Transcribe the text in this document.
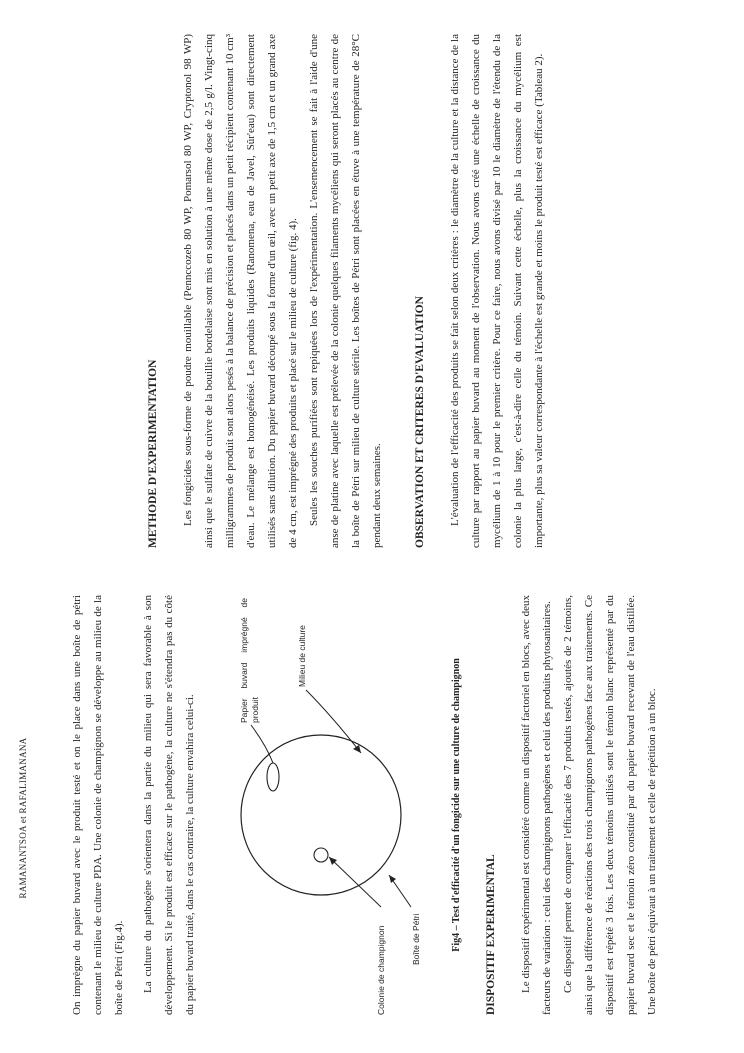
RAMANANTSOA et RAFALIMANANA	On imprègne du papier buvard avec le produit testé et on le place dans une boîte de pétri contenant le milieu de culture PDA. Une colonie de champignon se développe au milieu de la boîte de Pétri (Fig.4).	La culture du pathogène s'orientera dans la partie du milieu qui sera favorable à son développement. Si le produit est efficace sur le pathogène, la culture ne s'étendra pas du côté du papier buvard traité, dans le cas contraire, la culture envahira celui-ci.	Colonie de champignon	Boîte de Pétri
Papier buvard imprégné de produit
Milieu de culture

Fig4 – Test d'efficacité d'un fongicide sur une culture de champignon	DISPOSITIF EXPERIMENTAL	Le dispositif expérimental est considéré comme un dispositif factoriel en blocs, avec deux facteurs de variation : celui des champignons pathogènes et celui des produits phytosanitaires. Ce dispositif permet de comparer l'efficacité des 7 produits testés, ajoutés de 2 témoins, ainsi que la différence de réactions des trois champignons pathogènes face aux traitements. Ce dispositif est répété 3 fois. Les deux témoins utilisés sont le témoin blanc représenté par du papier buvard sec et le témoin zéro constitué par du papier buvard recevant de l'eau distillée. Une boîte de pétri équivaut à un traitement et celle de répétition à un bloc.

METHODE D'EXPERIMENTATION	Les fongicides sous-forme de poudre mouillable (Pennccozeb 80 WP, Pomarsol 80 WP, Cryptonol 98 WP) ainsi que le sulfate de cuivre de la bouillie bordelaise sont mis en solution à une même dose de 2,5 g/l. Vingt-cinq milligrammes de produit sont alors pesés à la balance de précision et placés dans un petit récipient contenant 10 cm³ d'eau. Le mélange est homogénéisé. Les produits liquides (Ranomena, eau de Javel, Sûr'eau) sont directement utilisés sans dilution. Du papier buvard découpé sous la forme d'un œil, avec un petit axe de 1,5 cm et un grand axe de 4 cm, est imprégné des produits et placé sur le milieu de culture (fig. 4). Seules les souches purifiées sont repiquées lors de l'expérimentation. L'ensemencement se fait à l'aide d'une anse de platine avec laquelle est prélevée de la colonie quelques filaments mycéliens qui seront placés au centre de la boîte de Pétri sur milieu de culture stérile. Les boîtes de Pétri sont placées en étuve à une température de 28°C pendant deux semaines.	OBSERVATION ET CRITERES D'EVALUATION	L'évaluation de l'efficacité des produits se fait selon deux critères : le diamètre de la culture et la distance de la culture par rapport au papier buvard au moment de l'observation. Nous avons créé une échelle de croissance du mycélium de 1 à 10 pour le premier critère. Pour ce faire, nous avons divisé par 10 le diamètre de l'étendu de la colonie la plus large, c'est-à-dire celle du témoin. Suivant cette échelle, plus la croissance du mycélium est importante, plus sa valeur correspondante à l'échelle est grande et moins le produit testé est efficace (Tableau 2).
